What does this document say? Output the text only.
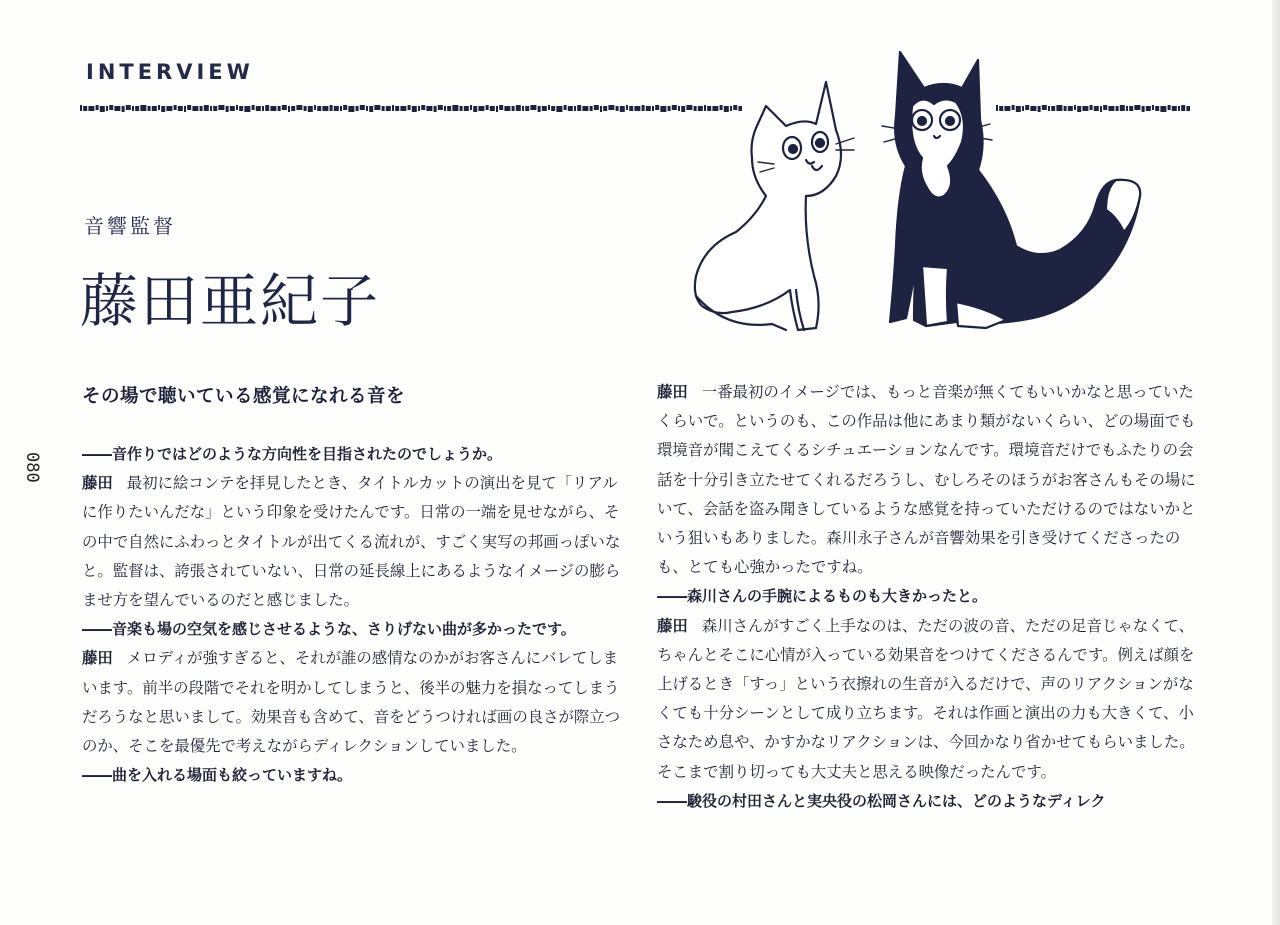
INTERVIEW
音響監督
藤田亜紀子
080
その場で聴いている感覚になれる音を
――音作りではどのような方向性を目指されたのでしょうか。
藤田 最初に絵コンテを拝見したとき、タイトルカットの演出を見て「リアルに作りたいんだな」という印象を受けたんです。日常の一端を見せながら、その中で自然にふわっとタイトルが出てくる流れが、すごく実写の邦画っぽいなと。監督は、誇張されていない、日常の延長線上にあるようなイメージの膨らませ方を望んでいるのだと感じました。
――音楽も場の空気を感じさせるような、さりげない曲が多かったです。
藤田 メロディが強すぎると、それが誰の感情なのかがお客さんにバレてしまいます。前半の段階でそれを明かしてしまうと、後半の魅力を損なってしまうだろうなと思いまして。効果音も含めて、音をどうつければ画の良さが際立つのか、そこを最優先で考えながらディレクションしていました。
――曲を入れる場面も絞っていますね。
藤田 一番最初のイメージでは、もっと音楽が無くてもいいかなと思っていたくらいで。というのも、この作品は他にあまり類がないくらい、どの場面でも環境音が聞こえてくるシチュエーションなんです。環境音だけでもふたりの会話を十分引き立たせてくれるだろうし、むしろそのほうがお客さんもその場にいて、会話を盗み聞きしているような感覚を持っていただけるのではないかという狙いもありました。森川永子さんが音響効果を引き受けてくださったのも、とても心強かったですね。
――森川さんの手腕によるものも大きかったと。
藤田 森川さんがすごく上手なのは、ただの波の音、ただの足音じゃなくて、ちゃんとそこに心情が入っている効果音をつけてくださるんです。例えば顔を上げるとき「すっ」という衣擦れの生音が入るだけで、声のリアクションがなくても十分シーンとして成り立ちます。それは作画と演出の力も大きくて、小さなため息や、かすかなリアクションは、今回かなり省かせてもらいました。そこまで割り切っても大丈夫と思える映像だったんです。
――駿役の村田さんと実央役の松岡さんには、どのようなディレク
